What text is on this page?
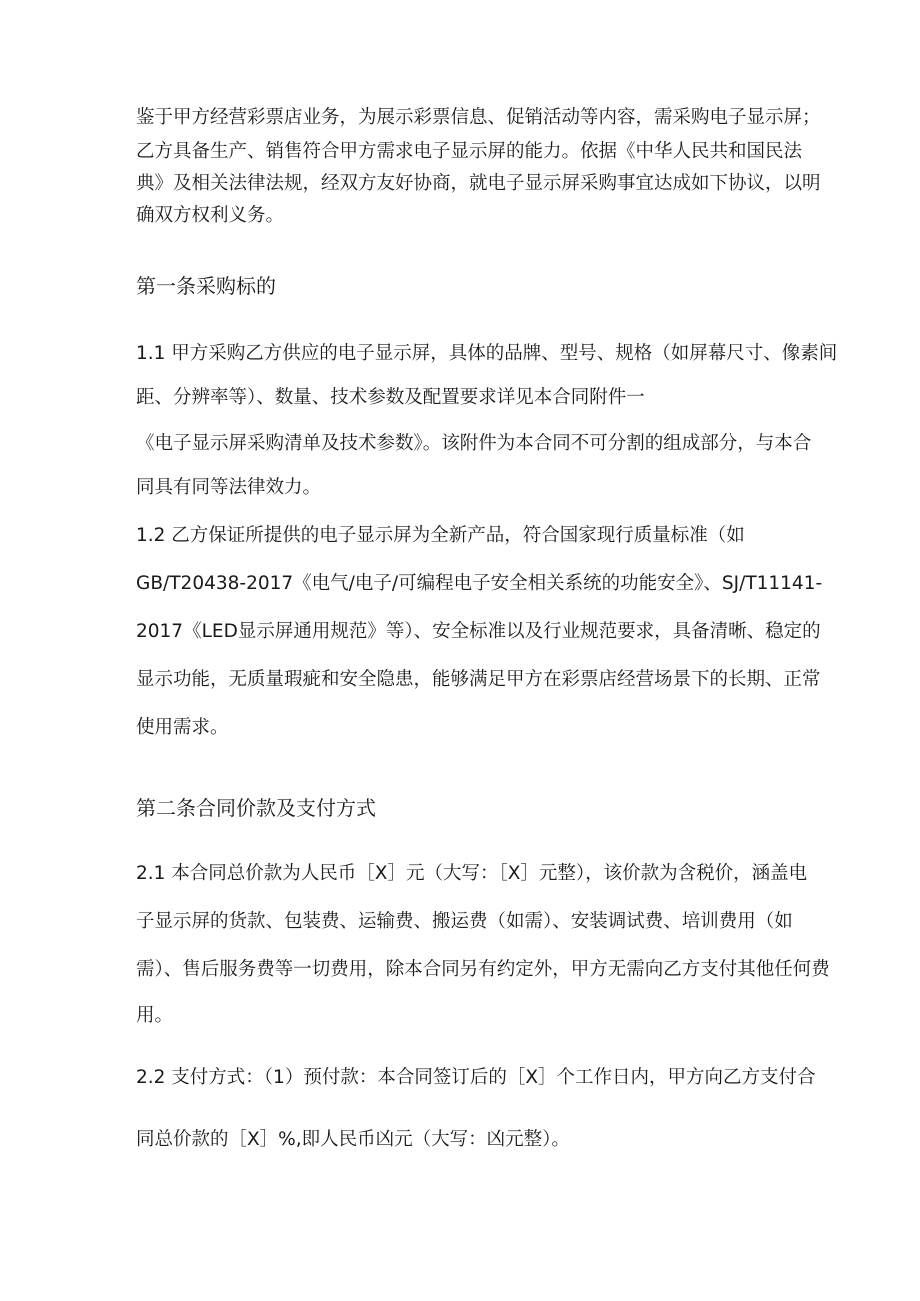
鉴于甲方经营彩票店业务，为展示彩票信息、促销活动等内容，需采购电子显示屏；
乙方具备生产、销售符合甲方需求电子显示屏的能力。依据《中华人民共和国民法
典》及相关法律法规，经双方友好协商，就电子显示屏采购事宜达成如下协议，以明
确双方权利义务。
第一条采购标的
1.1 甲方采购乙方供应的电子显示屏，具体的品牌、型号、规格（如屏幕尺寸、像素间
距、分辨率等）、数量、技术参数及配置要求详见本合同附件一
《电子显示屏采购清单及技术参数》。该附件为本合同不可分割的组成部分，与本合
同具有同等法律效力。
1.2 乙方保证所提供的电子显示屏为全新产品，符合国家现行质量标准（如
GB/T20438-2017《电气/电子/可编程电子安全相关系统的功能安全》、SJ/T11141-
2017《LED显示屏通用规范》等）、安全标准以及行业规范要求，具备清晰、稳定的
显示功能，无质量瑕疵和安全隐患，能够满足甲方在彩票店经营场景下的长期、正常
使用需求。
第二条合同价款及支付方式
2.1 本合同总价款为人民币［X］元（大写：［X］元整），该价款为含税价，涵盖电
子显示屏的货款、包装费、运输费、搬运费（如需）、安装调试费、培训费用（如
需）、售后服务费等一切费用，除本合同另有约定外，甲方无需向乙方支付其他任何费
用。
2.2 支付方式：（1）预付款：本合同签订后的［X］个工作日内，甲方向乙方支付合
同总价款的［X］%,即人民币凶元（大写：凶元整）。
